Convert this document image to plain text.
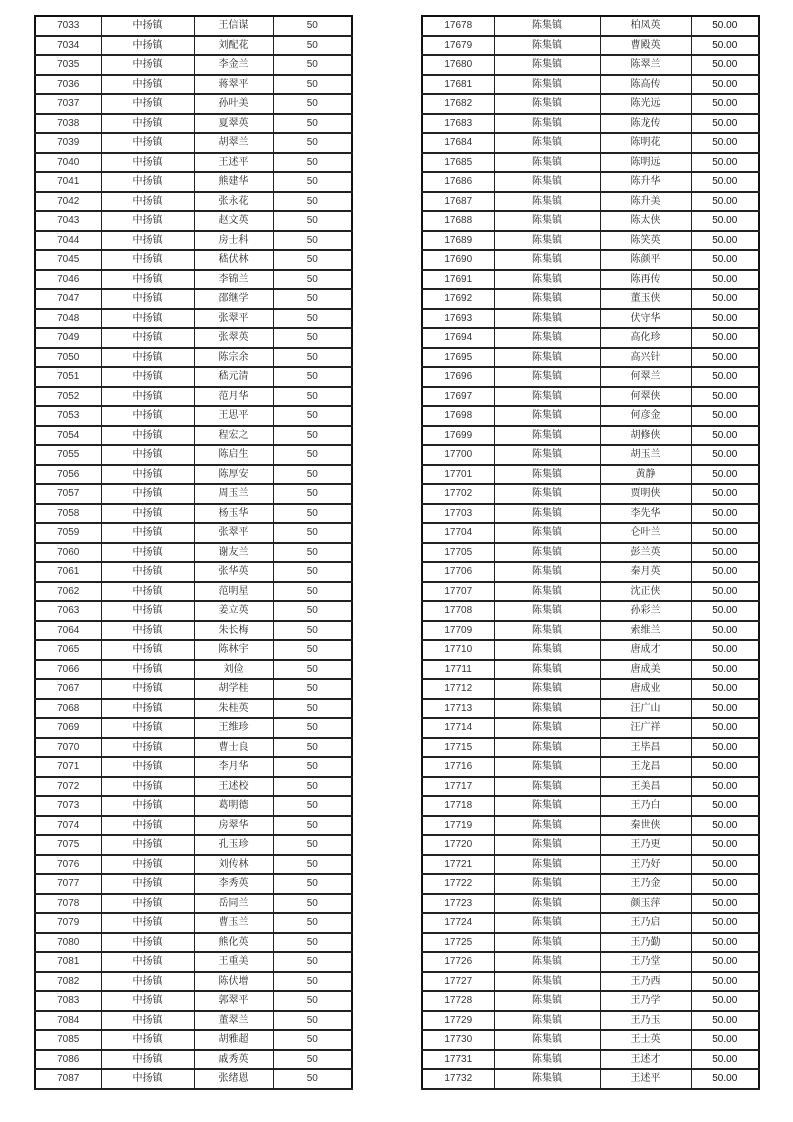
7033	中扬镇	王信谋	50
7034	中扬镇	刘配花	50
7035	中扬镇	李金兰	50
7036	中扬镇	蒋翠平	50
7037	中扬镇	孙叶美	50
7038	中扬镇	夏翠英	50
7039	中扬镇	胡翠兰	50
7040	中扬镇	王述平	50
7041	中扬镇	熊建华	50
7042	中扬镇	张永花	50
7043	中扬镇	赵文英	50
7044	中扬镇	房士科	50
7045	中扬镇	嵇伏林	50
7046	中扬镇	李锦兰	50
7047	中扬镇	邵继学	50
7048	中扬镇	张翠平	50
7049	中扬镇	张翠英	50
7050	中扬镇	陈宗余	50
7051	中扬镇	嵇元清	50
7052	中扬镇	范月华	50
7053	中扬镇	王思平	50
7054	中扬镇	程宏之	50
7055	中扬镇	陈启生	50
7056	中扬镇	陈厚安	50
7057	中扬镇	周玉兰	50
7058	中扬镇	杨玉华	50
7059	中扬镇	张翠平	50
7060	中扬镇	谢友兰	50
7061	中扬镇	张华英	50
7062	中扬镇	范明星	50
7063	中扬镇	姜立英	50
7064	中扬镇	朱长梅	50
7065	中扬镇	陈林宇	50
7066	中扬镇	刘俭	50
7067	中扬镇	胡学桂	50
7068	中扬镇	朱桂英	50
7069	中扬镇	王维珍	50
7070	中扬镇	曹士良	50
7071	中扬镇	李月华	50
7072	中扬镇	王述校	50
7073	中扬镇	葛明德	50
7074	中扬镇	房翠华	50
7075	中扬镇	孔玉珍	50
7076	中扬镇	刘传林	50
7077	中扬镇	李秀英	50
7078	中扬镇	岳同兰	50
7079	中扬镇	曹玉兰	50
7080	中扬镇	熊化英	50
7081	中扬镇	王重美	50
7082	中扬镇	陈伏增	50
7083	中扬镇	郭翠平	50
7084	中扬镇	董翠兰	50
7085	中扬镇	胡雅超	50
7086	中扬镇	戚秀英	50
7087	中扬镇	张绪恩	50
17678	陈集镇	柏凤英	50.00
17679	陈集镇	曹殿英	50.00
17680	陈集镇	陈翠兰	50.00
17681	陈集镇	陈高传	50.00
17682	陈集镇	陈光远	50.00
17683	陈集镇	陈龙传	50.00
17684	陈集镇	陈明花	50.00
17685	陈集镇	陈明远	50.00
17686	陈集镇	陈升华	50.00
17687	陈集镇	陈升美	50.00
17688	陈集镇	陈太侠	50.00
17689	陈集镇	陈笑英	50.00
17690	陈集镇	陈颜平	50.00
17691	陈集镇	陈再传	50.00
17692	陈集镇	董玉侠	50.00
17693	陈集镇	伏守华	50.00
17694	陈集镇	高化珍	50.00
17695	陈集镇	高兴针	50.00
17696	陈集镇	何翠兰	50.00
17697	陈集镇	何翠侠	50.00
17698	陈集镇	何彦金	50.00
17699	陈集镇	胡修侠	50.00
17700	陈集镇	胡玉兰	50.00
17701	陈集镇	黄静	50.00
17702	陈集镇	贾明侠	50.00
17703	陈集镇	李先华	50.00
17704	陈集镇	仑叶兰	50.00
17705	陈集镇	彭兰英	50.00
17706	陈集镇	秦月英	50.00
17707	陈集镇	沈正侠	50.00
17708	陈集镇	孙彩兰	50.00
17709	陈集镇	索维兰	50.00
17710	陈集镇	唐成才	50.00
17711	陈集镇	唐成美	50.00
17712	陈集镇	唐成业	50.00
17713	陈集镇	汪广山	50.00
17714	陈集镇	汪广祥	50.00
17715	陈集镇	王毕昌	50.00
17716	陈集镇	王龙昌	50.00
17717	陈集镇	王美昌	50.00
17718	陈集镇	王乃白	50.00
17719	陈集镇	秦世侠	50.00
17720	陈集镇	王乃更	50.00
17721	陈集镇	王乃好	50.00
17722	陈集镇	王乃金	50.00
17723	陈集镇	颜玉萍	50.00
17724	陈集镇	王乃启	50.00
17725	陈集镇	王乃勤	50.00
17726	陈集镇	王乃堂	50.00
17727	陈集镇	王乃西	50.00
17728	陈集镇	王乃学	50.00
17729	陈集镇	王乃玉	50.00
17730	陈集镇	王士英	50.00
17731	陈集镇	王述才	50.00
17732	陈集镇	王述平	50.00
